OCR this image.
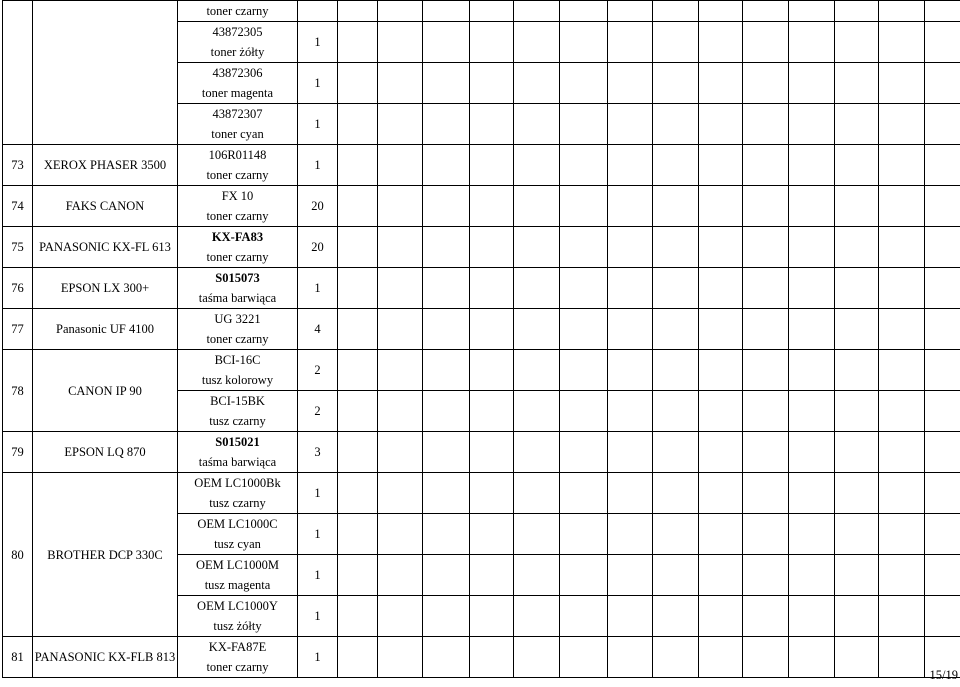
		toner czarny															

		43872305
toner żółty	1														

		43872306
toner magenta	1														

		43872307
toner cyan	1														
73	XEROX PHASER 3500	106R01148
toner czarny	1														
74	FAKS CANON	FX 10
toner czarny	20														
75	PANASONIC KX-FL 613	KX-FA83
toner czarny	20														
76	EPSON LX 300+	S015073
taśma barwiąca	1														
77	Panasonic UF 4100	UG 3221
toner czarny	4														
78	CANON IP 90	BCI-16C
tusz kolorowy	2														

		BCI-15BK
tusz czarny	2														
79	EPSON LQ 870	S015021
taśma barwiąca	3														
80	BROTHER DCP 330C	OEM LC1000Bk
tusz czarny	1														

		OEM LC1000C
tusz cyan	1														

		OEM LC1000M
tusz magenta	1														

		OEM LC1000Y
tusz żółty	1														
81	PANASONIC KX-FLB 813	KX-FA87E
toner czarny	1														
15/19
